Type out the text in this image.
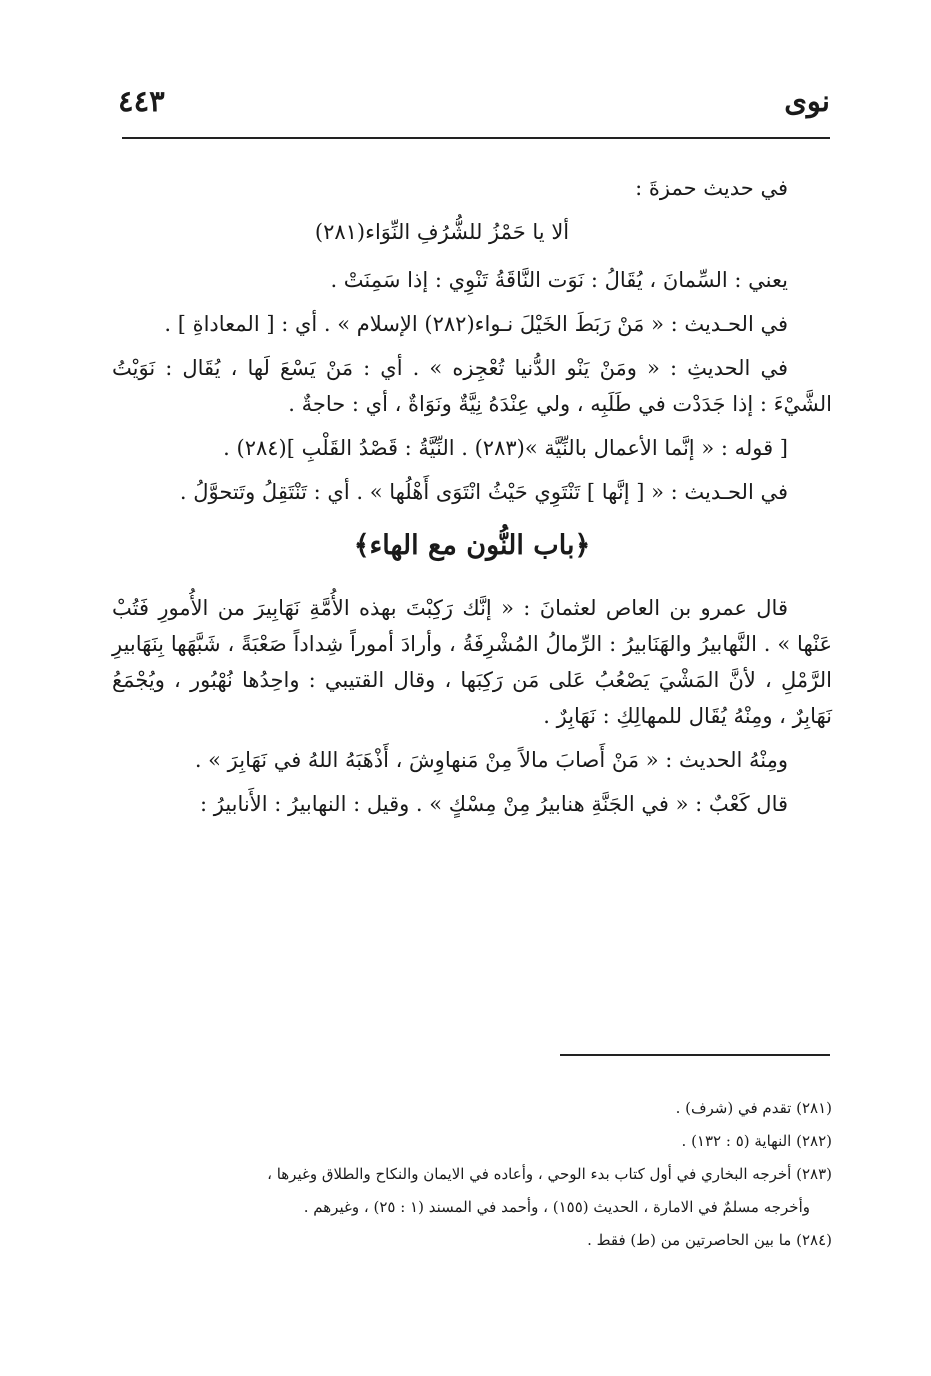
نوى
٤٤٣

في حديث حمزةَ :

ألا يا حَمْزُ للشُّرُفِ النِّوَاء(٢٨١)

يعني : السِّمانَ ، يُقَالُ : نَوَت النَّاقَةُ تَنْوِي : إذا سَمِنَتْ .

في الحـديث : « مَنْ رَبَطَ الخَيْلَ نـواء(٢٨٢) الإسلام » . أي : [ المعاداةِ ] .

في الحديثِ : « ومَنْ يَنْو الدُّنيا تُعْجِزه » . أي : مَنْ يَسْعَ لَها ، يُقَال : نَوَيْتُ الشَّيْءَ : إذا جَدَدْت في طَلَبِه ، ولي عِنْدَهُ نِيَّةٌ ونَوَاةٌ ، أي : حاجةٌ .

[ قوله : « إنَّما الأعمال بالنِّيَّة »(٢٨٣) . النِّيَّةُ : قَصْدُ القَلْبِ ](٢٨٤) .

في الحـديث : « [ إنَّها ] تَنْتَوِي حَيْثُ انْتَوَى أَهْلُها » . أي : تَنْتَقِلُ وتَتحوَّلُ .

﴿باب النُّون مع الهاء﴾

قال عمرو بن العاص لعثمانَ : « إنَّك رَكِبْتَ بهذه الأُمَّةِ نَهَابِيرَ من الأُمورِ فَتُبْ عَنْها » . النَّهابيرُ والهَنَابيرُ : الرِّمالُ المُشْرِفَةُ ، وأرادَ أموراً شِداداً صَعْبَةً ، شَبَّهَها بِنَهَابيرِ الرَّمْلِ ، لأنَّ المَشْيَ يَصْعُبُ عَلى مَن رَكِبَها ، وقال القتيبي : واحِدُها نُهْبُور ، ويُجْمَعُ نَهَابِرٌ ، ومِنْهُ يُقَال للمهالِكِ : نَهَابِرٌ .

ومِنْهُ الحديث : « مَنْ أَصابَ مالاً مِنْ مَنهاوِشَ ، أَذْهَبَهُ اللهُ في نَهَابِرَ » .

قال كَعْبٌ : « في الجَنَّةِ هنابيرُ مِنْ مِسْكٍ » . وقيل : النهابيرُ : الأَنابيرُ :

(٢٨١) تقدم في (شرف) .

(٢٨٢) النهاية (٥ : ١٣٢) .

(٢٨٣) أخرجه البخاري في أول كتاب بدء الوحي ، وأعاده في الايمان والنكاح والطلاق وغيرها ،

وأخرجه مسلمٌ في الامارة ، الحديث (١٥٥) ، وأحمد في المسند (١ : ٢٥) ، وغيرهم .

(٢٨٤) ما بين الحاصرتين من (ط) فقط .
